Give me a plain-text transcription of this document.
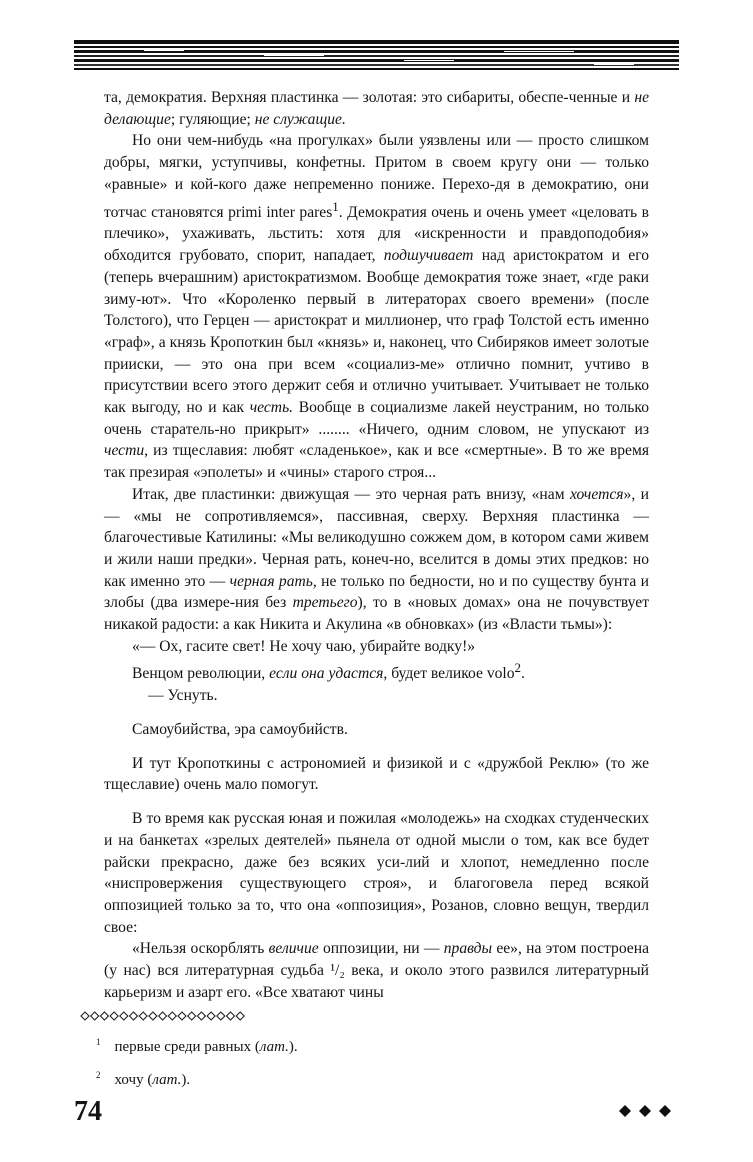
та, демократия. Верхняя пластинка — золотая: это сибариты, обеспе-ченные и не делающие; гуляющие; не служащие.

Но они чем-нибудь «на прогулках» были уязвлены или — просто слишком добры, мягки, уступчивы, конфетны. Притом в своем кругу они — только «равные» и кой-кого даже непременно пониже. Перехо-дя в демократию, они тотчас становятся primi inter pares$^1$. Демократия очень и очень умеет «целовать в плечико», ухаживать, льстить: хотя для «искренности и правдоподобия» обходится грубовато, спорит, нападает, подшучивает над аристократом и его (теперь вчерашним) аристократизмом. Вообще демократия тоже знает, «где раки зиму-ют». Что «Короленко первый в литераторах своего времени» (после Толстого), что Герцен — аристократ и миллионер, что граф Толстой есть именно «граф», а князь Кропоткин был «князь» и, наконец, что Сибиряков имеет золотые прииски, — это она при всем «социализ-ме» отлично помнит, учтиво в присутствии всего этого держит себя и отлично учитывает. Учитывает не только как выгоду, но и как честь. Вообще в социализме лакей неустраним, но только очень старатель-но прикрыт» ........ «Ничего, одним словом, не упускают из чести, из тщеславия: любят «сладенькое», как и все «смертные». В то же время так презирая «эполеты» и «чины» старого строя...

Итак, две пластинки: движущая — это черная рать внизу, «нам хочется», и — «мы не сопротивляемся», пассивная, сверху. Верхняя пластинка — благочестивые Катилины: «Мы великодушно сожжем дом, в котором сами живем и жили наши предки». Черная рать, конеч-но, вселится в домы этих предков: но как именно это — черная рать, не только по бедности, но и по существу бунта и злобы (два измере-ния без третьего), то в «новых домах» она не почувствует никакой радости: а как Никита и Акулина «в обновках» (из «Власти тьмы»):

«— Ох, гасите свет! Не хочу чаю, убирайте водку!»

Венцом революции, если она удастся, будет великое volo$^2$.

— Уснуть.

Самоубийства, эра самоубийств.

И тут Кропоткины с астрономией и физикой и с «дружбой Реклю» (то же тщеславие) очень мало помогут.

В то время как русская юная и пожилая «молодежь» на сходках студенческих и на банкетах «зрелых деятелей» пьянела от одной мысли о том, как все будет райски прекрасно, даже без всяких уси-лий и хлопот, немедленно после «ниспровержения существующего строя», и благоговела перед всякой оппозицией только за то, что она «оппозиция», Розанов, словно вещун, твердил свое:

«Нельзя оскорблять величие оппозиции, ни — правды ее», на этом построена (у нас) вся литературная судьба ¹/₂ века, и около этого развился литературный карьеризм и азарт его. «Все хватают чины

$^1$ первые среди равных (лат.).

$^2$ хочу (лат.).

74
